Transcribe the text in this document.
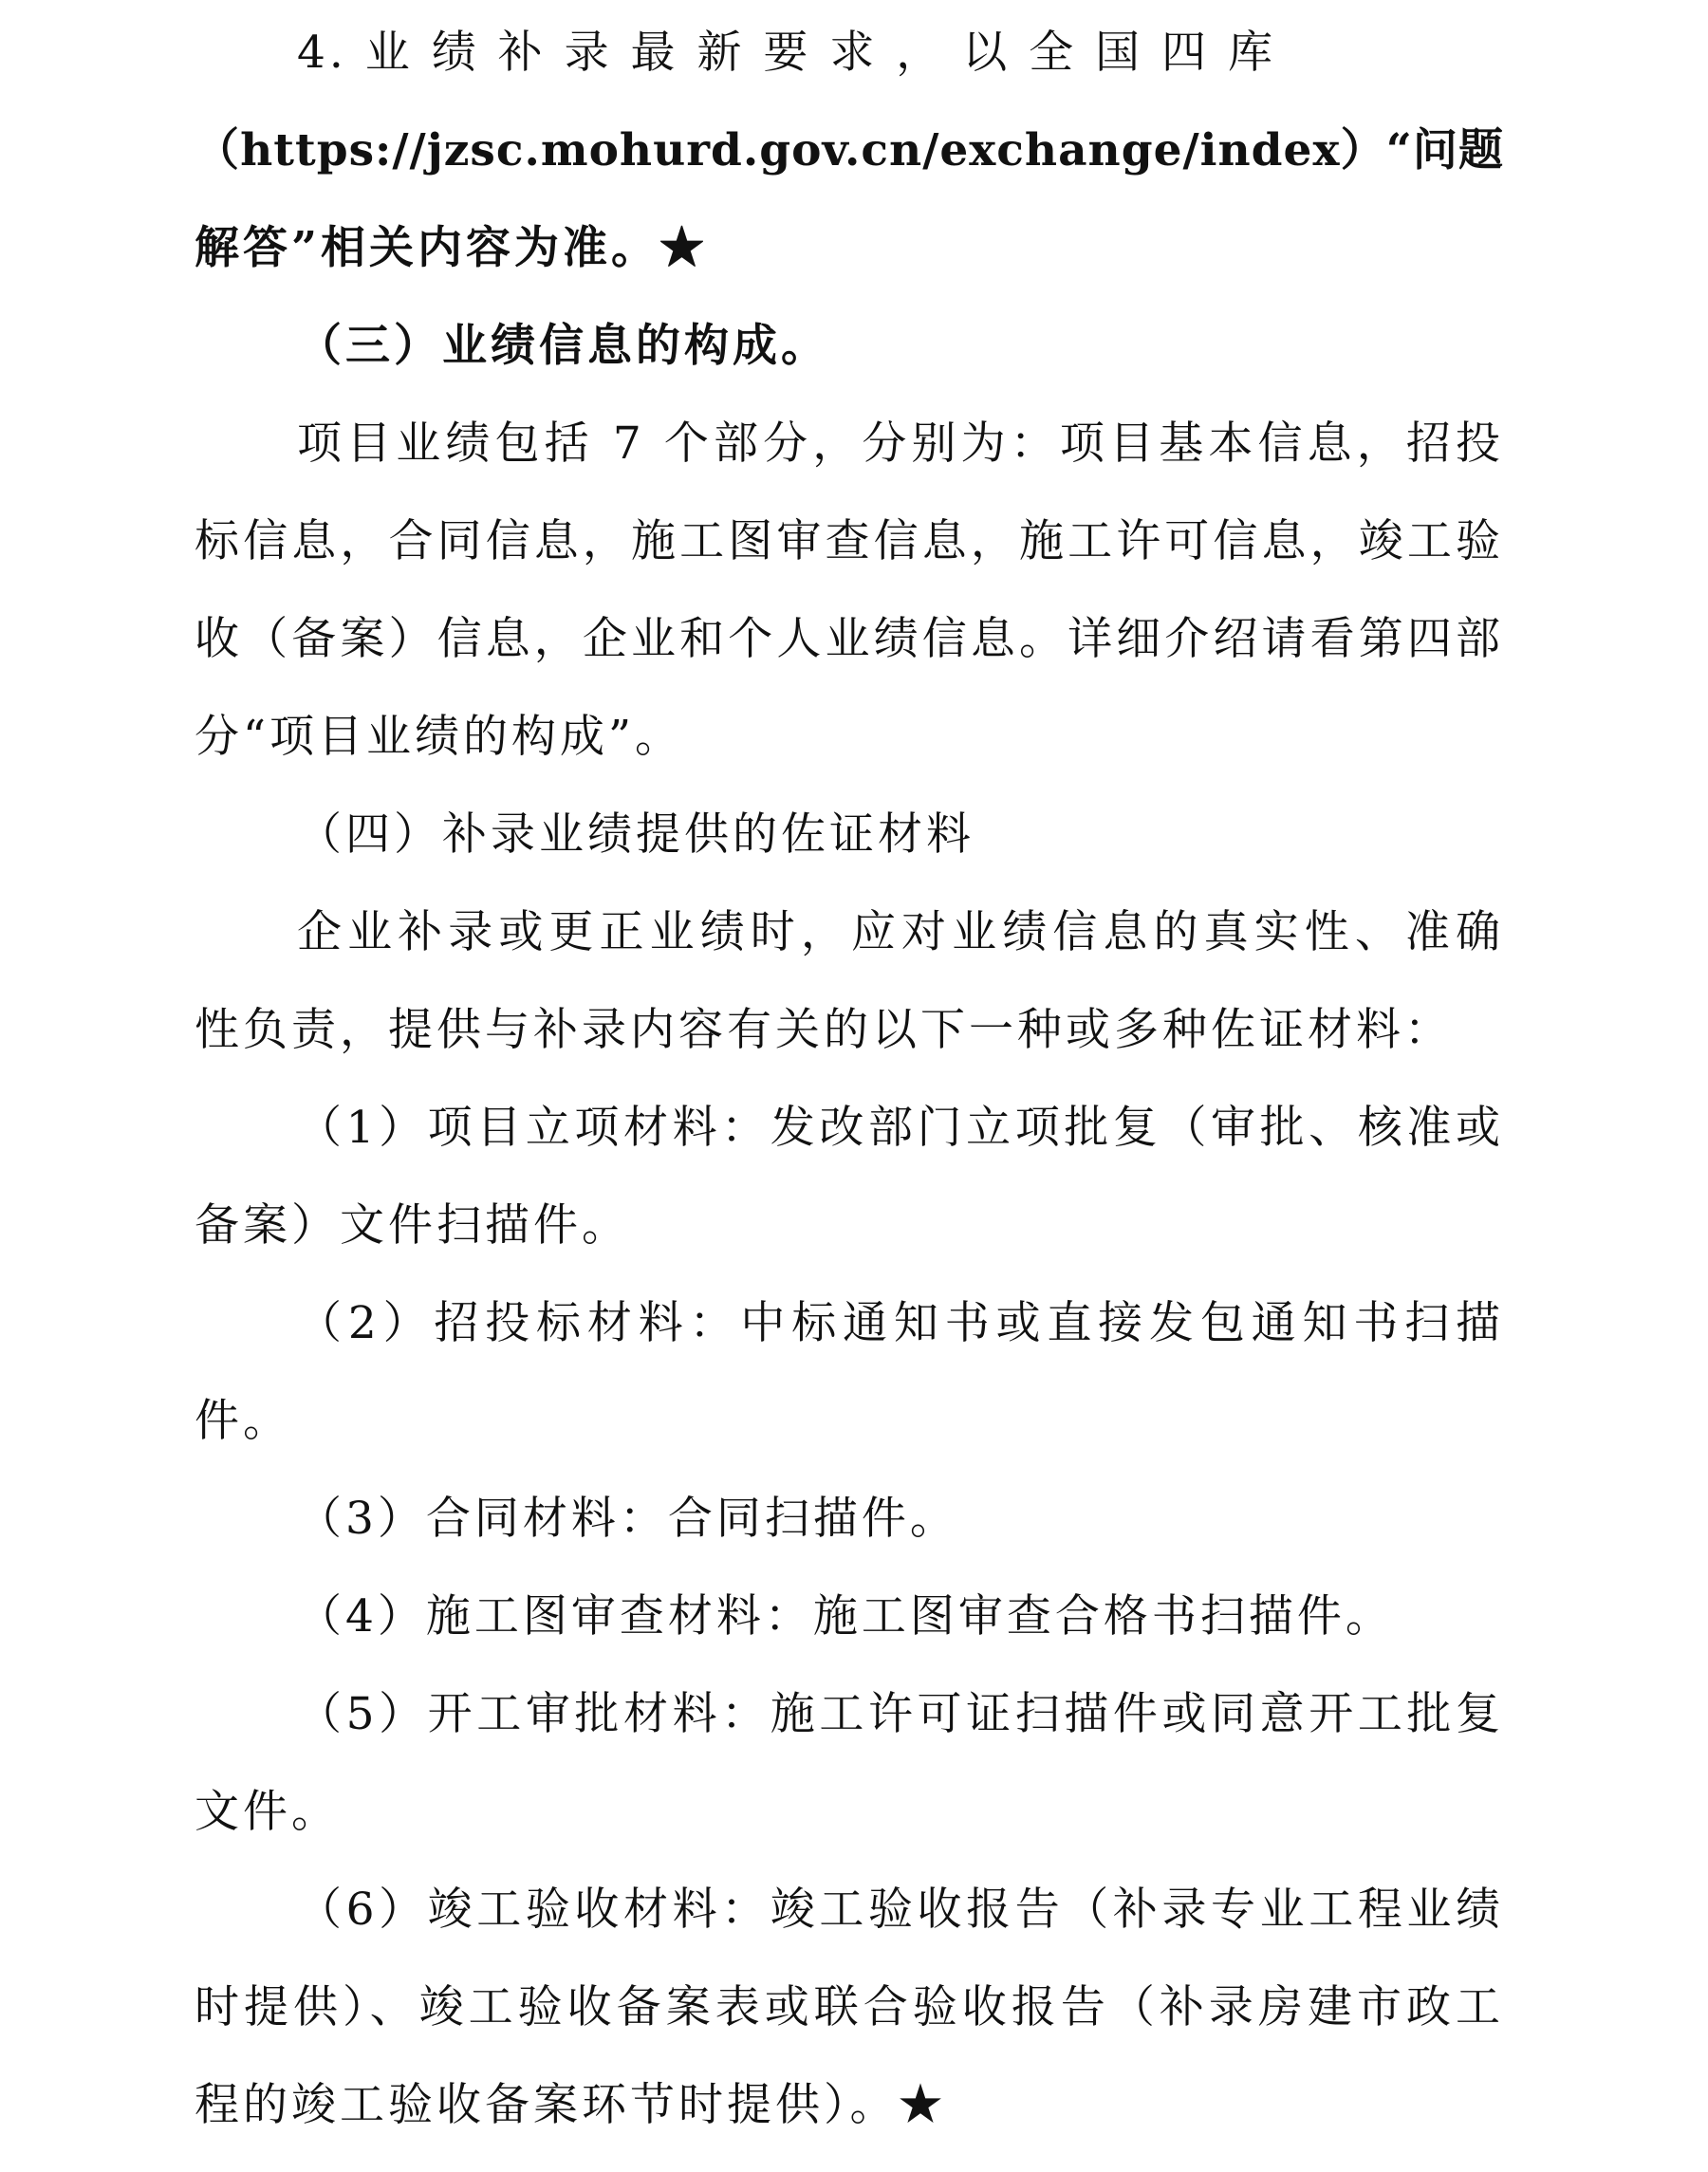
4. 业 绩 补 录 最 新 要 求 ， 以 全 国 四 库

（https://jzsc.mohurd.gov.cn/exchange/index）“问题

解答”相关内容为准。★

（三）业绩信息的构成。

项目业绩包括 7 个部分，分别为：项目基本信息，招投标信息，合同信息，施工图审查信息，施工许可信息，竣工验收（备案）信息，企业和个人业绩信息。详细介绍请看第四部分“项目业绩的构成”。

（四）补录业绩提供的佐证材料

企业补录或更正业绩时，应对业绩信息的真实性、准确性负责，提供与补录内容有关的以下一种或多种佐证材料：

（1）项目立项材料：发改部门立项批复（审批、核准或备案）文件扫描件。

（2）招投标材料：中标通知书或直接发包通知书扫描件。

（3）合同材料：合同扫描件。

（4）施工图审查材料：施工图审查合格书扫描件。

（5）开工审批材料：施工许可证扫描件或同意开工批复文件。

（6）竣工验收材料：竣工验收报告（补录专业工程业绩时提供）、竣工验收备案表或联合验收报告（补录房建市政工程的竣工验收备案环节时提供）。★
